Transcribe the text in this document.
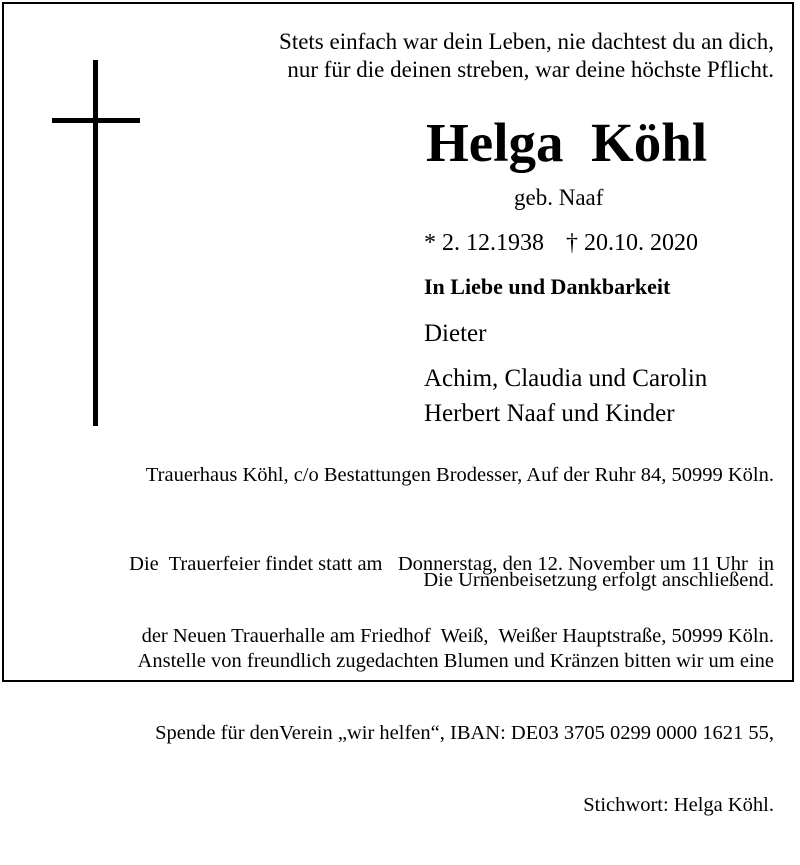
Stets einfach war dein Leben, nie dachtest du an dich,
nur für die deinen streben, war deine höchste Pflicht.
Helga  Köhl
geb. Naaf
* 2. 12.1938 † 20.10. 2020
In Liebe und Dankbarkeit
Dieter
Achim, Claudia und Carolin
Herbert Naaf und Kinder
Trauerhaus Köhl, c/o Bestattungen Brodesser, Auf der Ruhr 84, 50999 Köln.

Die  Trauerfeier findet statt am   Donnerstag, den 12. November um 11 Uhr  in

der Neuen Trauerhalle am Friedhof  Weiß,  Weißer Hauptstraße, 50999 Köln.

Die Urnenbeisetzung erfolgt anschließend.

Anstelle von freundlich zugedachten Blumen und Kränzen bitten wir um eine

Spende für denVerein „wir helfen“, IBAN: DE03 3705 0299 0000 1621 55,

Stichwort: Helga Köhl.
